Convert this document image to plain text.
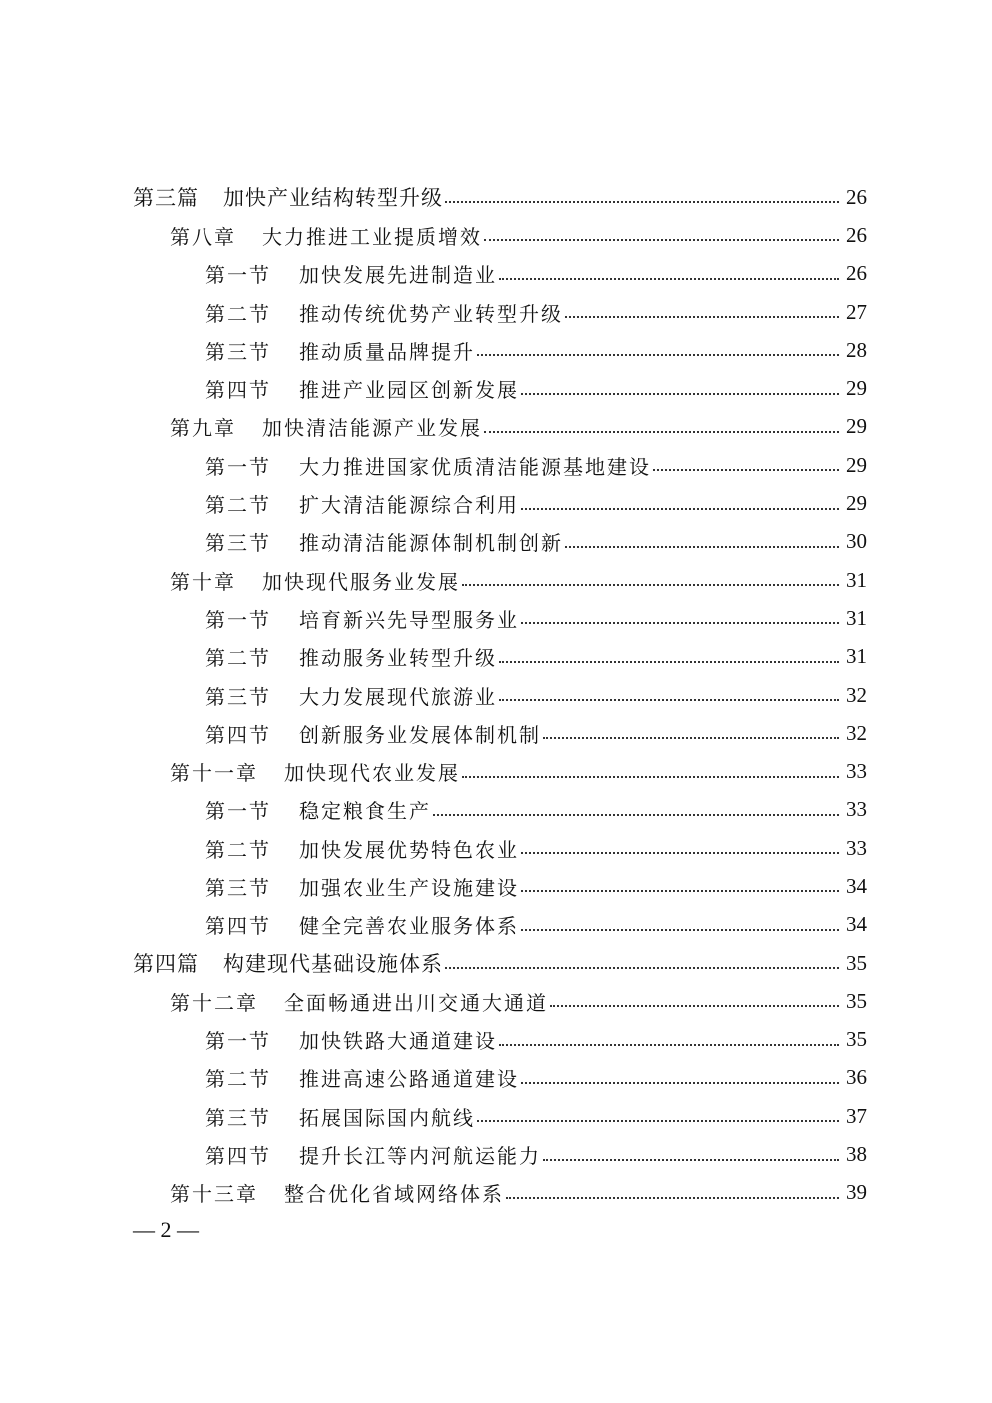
第三篇 加快产业结构转型升级	26
第八章 大力推进工业提质增效	26
第一节 加快发展先进制造业	26
第二节 推动传统优势产业转型升级	27
第三节 推动质量品牌提升	28
第四节 推进产业园区创新发展	29
第九章 加快清洁能源产业发展	29
第一节 大力推进国家优质清洁能源基地建设	29
第二节 扩大清洁能源综合利用	29
第三节 推动清洁能源体制机制创新	30
第十章 加快现代服务业发展	31
第一节 培育新兴先导型服务业	31
第二节 推动服务业转型升级	31
第三节 大力发展现代旅游业	32
第四节 创新服务业发展体制机制	32
第十一章 加快现代农业发展	33
第一节 稳定粮食生产	33
第二节 加快发展优势特色农业	33
第三节 加强农业生产设施建设	34
第四节 健全完善农业服务体系	34
第四篇 构建现代基础设施体系	35
第十二章 全面畅通进出川交通大通道	35
第一节 加快铁路大通道建设	35
第二节 推进高速公路通道建设	36
第三节 拓展国际国内航线	37
第四节 提升长江等内河航运能力	38
第十三章 整合优化省域网络体系	39
— 2 —
